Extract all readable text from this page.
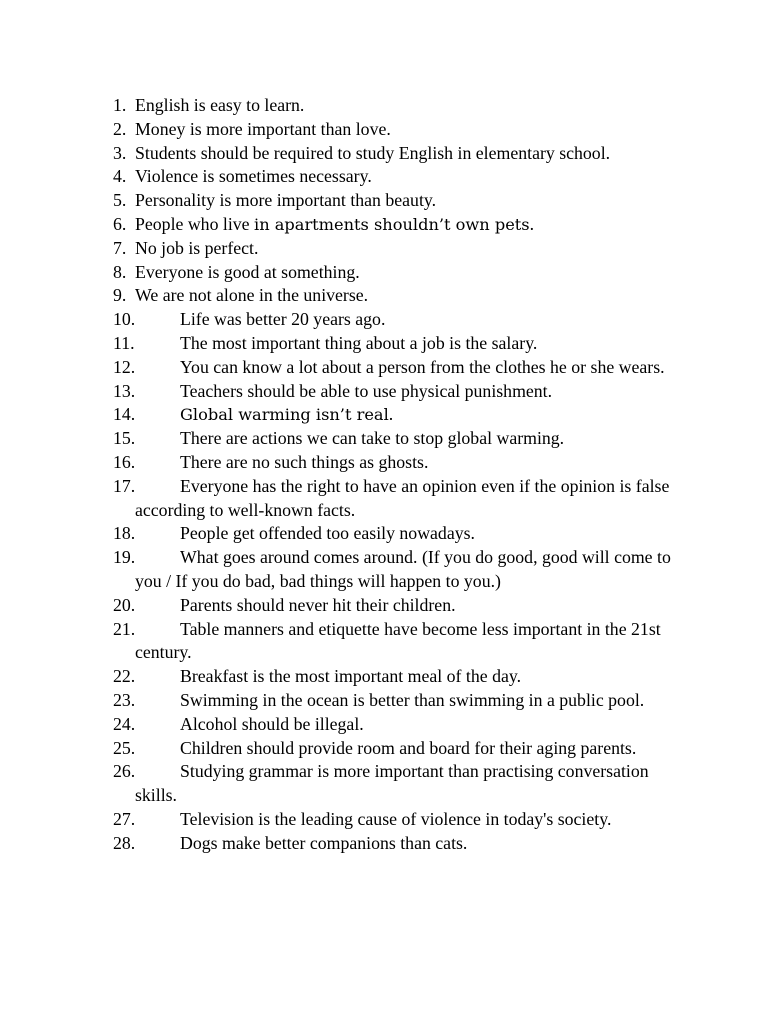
1. English is easy to learn.
2. Money is more important than love.
3. Students should be required to study English in elementary school.
4. Violence is sometimes necessary.
5. Personality is more important than beauty.
6. People who live in apartments shouldn’t own pets.
7. No job is perfect.
8. Everyone is good at something.
9. We are not alone in the universe.
10.	Life was better 20 years ago.
11.	The most important thing about a job is the salary.
12.	You can know a lot about a person from the clothes he or she wears.
13.	Teachers should be able to use physical punishment.
14.	Global warming isn’t real.
15.	There are actions we can take to stop global warming.
16.	There are no such things as ghosts.
17.	Everyone has the right to have an opinion even if the opinion is false according to well-known facts.
18.	People get offended too easily nowadays.
19.	What goes around comes around. (If you do good, good will come to you / If you do bad, bad things will happen to you.)
20.	Parents should never hit their children.
21.	Table manners and etiquette have become less important in the 21st century.
22.	Breakfast is the most important meal of the day.
23.	Swimming in the ocean is better than swimming in a public pool.
24.	Alcohol should be illegal.
25.	Children should provide room and board for their aging parents.
26.	Studying grammar is more important than practising conversation skills.
27.	Television is the leading cause of violence in today's society.
28.	Dogs make better companions than cats.
